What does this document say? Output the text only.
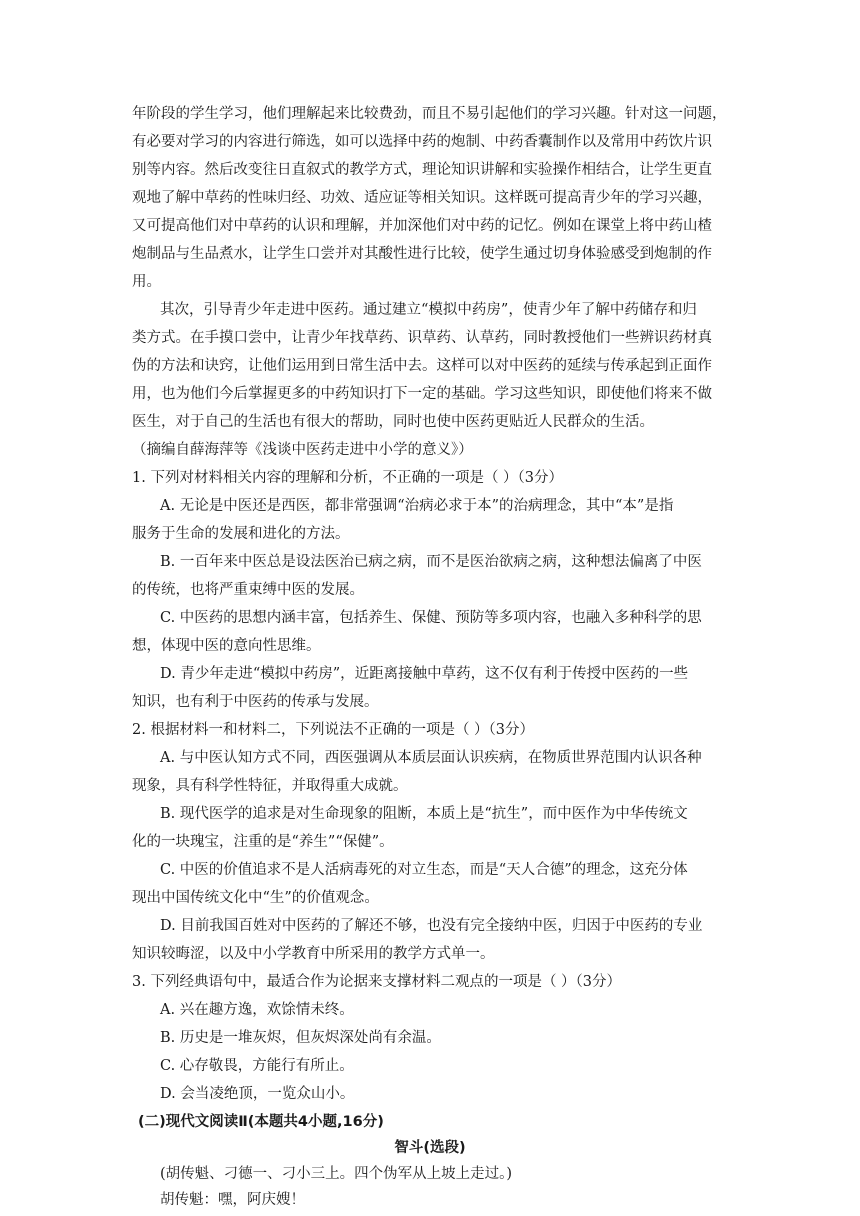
年阶段的学生学习，他们理解起来比较费劲，而且不易引起他们的学习兴趣。针对这一问题，
有必要对学习的内容进行筛选，如可以选择中药的炮制、中药香囊制作以及常用中药饮片识
别等内容。然后改变往日直叙式的教学方式，理论知识讲解和实验操作相结合，让学生更直
观地了解中草药的性味归经、功效、适应证等相关知识。这样既可提高青少年的学习兴趣，
又可提高他们对中草药的认识和理解，并加深他们对中药的记忆。例如在课堂上将中药山楂
炮制品与生品煮水，让学生口尝并对其酸性进行比较，使学生通过切身体验感受到炮制的作
用。
其次，引导青少年走进中医药。通过建立“模拟中药房”，使青少年了解中药储存和归
类方式。在手摸口尝中，让青少年找草药、识草药、认草药，同时教授他们一些辨识药材真
伪的方法和诀窍，让他们运用到日常生活中去。这样可以对中医药的延续与传承起到正面作
用，也为他们今后掌握更多的中药知识打下一定的基础。学习这些知识，即使他们将来不做
医生，对于自己的生活也有很大的帮助，同时也使中医药更贴近人民群众的生活。
（摘编自薛海萍等《浅谈中医药走进中小学的意义》）
1. 下列对材料相关内容的理解和分析，不正确的一项是（ ）（3分）
A. 无论是中医还是西医，都非常强调“治病必求于本”的治病理念，其中“本”是指
服务于生命的发展和进化的方法。
B. 一百年来中医总是设法医治已病之病，而不是医治欲病之病，这种想法偏离了中医
的传统，也将严重束缚中医的发展。
C. 中医药的思想内涵丰富，包括养生、保健、预防等多项内容，也融入多种科学的思
想，体现中医的意向性思维。
D. 青少年走进“模拟中药房”，近距离接触中草药，这不仅有利于传授中医药的一些
知识，也有利于中医药的传承与发展。
2. 根据材料一和材料二，下列说法不正确的一项是（ ）（3分）
A. 与中医认知方式不同，西医强调从本质层面认识疾病，在物质世界范围内认识各种
现象，具有科学性特征，并取得重大成就。
B. 现代医学的追求是对生命现象的阻断，本质上是“抗生”，而中医作为中华传统文
化的一块瑰宝，注重的是“养生”“保健”。
C. 中医的价值追求不是人活病毒死的对立生态，而是“天人合德”的理念，这充分体
现出中国传统文化中“生”的价值观念。
D. 目前我国百姓对中医药的了解还不够，也没有完全接纳中医，归因于中医药的专业
知识较晦涩，以及中小学教育中所采用的教学方式单一。
3. 下列经典语句中，最适合作为论据来支撑材料二观点的一项是（ ）（3分）
A. 兴在趣方逸，欢馀情未终。
B. 历史是一堆灰烬，但灰烬深处尚有余温。
C. 心存敬畏，方能行有所止。
D. 会当凌绝顶，一览众山小。
(二)现代文阅读Ⅱ(本题共4小题,16分)
智斗(选段)
(胡传魁、刁德一、刁小三上。四个伪军从上坡上走过。)
胡传魁：嘿，阿庆嫂！
